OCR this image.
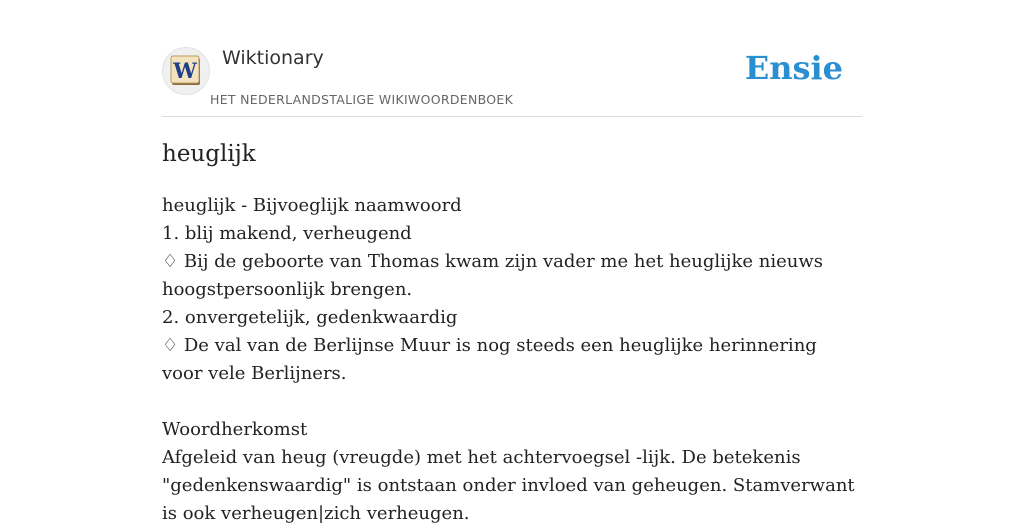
W Wiktionary
HET NEDERLANDSTALIGE WIKIWOORDENBOEK
Ensie
heuglijk
heuglijk - Bijvoeglijk naamwoord
1. blij makend, verheugend
♢ Bij de geboorte van Thomas kwam zijn vader me het heuglijke nieuws hoogstpersoonlijk brengen.
2. onvergetelijk, gedenkwaardig
♢ De val van de Berlijnse Muur is nog steeds een heuglijke herinnering voor vele Berlijners.
Woordherkomst
Afgeleid van heug (vreugde) met het achtervoegsel -lijk. De betekenis "gedenkenswaardig" is ontstaan onder invloed van geheugen. Stamverwant is ook verheugen|zich verheugen.
